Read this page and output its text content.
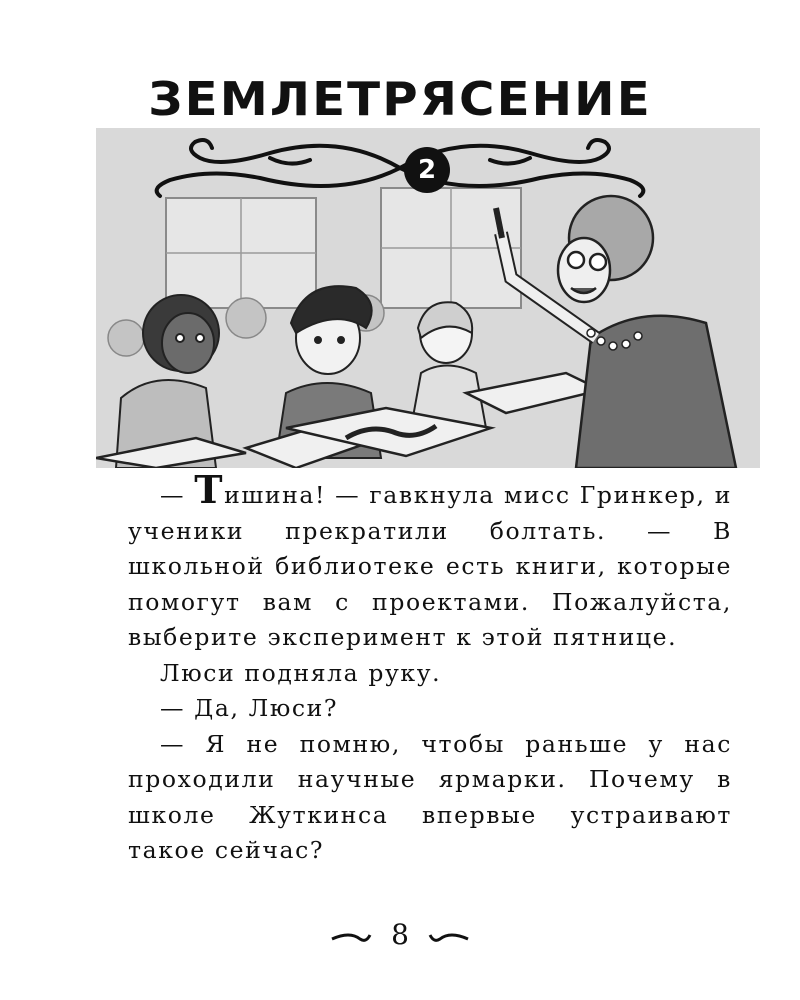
ЗЕМЛЕТРЯСЕНИЕ
2

— Тишина! — гавкнула мисс Гринкер, и ученики прекратили болтать. — В школьной библиотеке есть книги, которые помогут вам с проектами. Пожалуйста, выберите эксперимент к этой пятнице.

Люси подняла руку.

— Да, Люси?

— Я не помню, чтобы раньше у нас проходили научные ярмарки. Почему в школе Жуткинса впервые устраивают такое сейчас?

8
